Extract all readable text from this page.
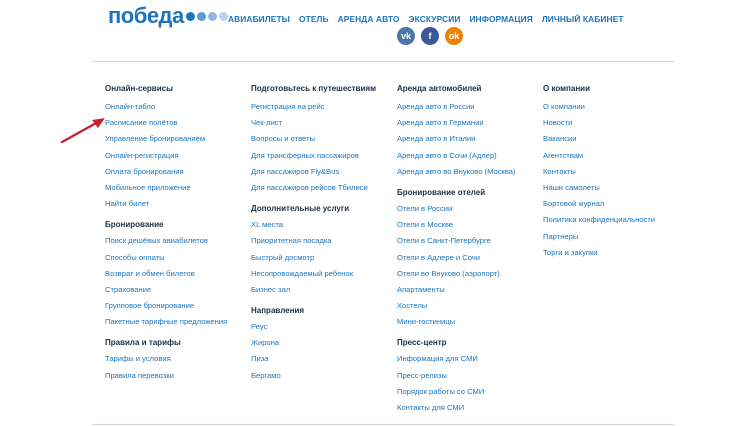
победа	АВИАБИЛЕТЫ ОТЕЛЬ АРЕНДА АВТО ЭКСКУРСИИ ИНФОРМАЦИЯ ЛИЧНЫЙ КАБИНЕТ
vk	f	ok
Онлайн-сервисы
Онлайн-табло
Расписание полётов
Управление бронированием
Онлайн-регистрация
Оплата бронирования
Мобильное приложение
Найти билет
Бронирование
Поиск дешёвых авиабилетов
Способы оплаты
Возврат и обмен билетов
Страхование
Групповое бронирование
Пакетные тарифные предложения
Правила и тарифы
Тарифы и условия
Правила перевозки
Подготовьтесь к путешествиям
Регистрация на рейс
Чек-лист
Вопросы и ответы
Для трансферных пассажиров
Для пассажиров Fly&Bus
Для пассажиров рейсов Тбилиси
Дополнительные услуги
XL места
Приоритетная посадка
Быстрый досмотр
Несопровождаемый ребенок
Бизнес зал
Направления
Реус
Жирона
Пиза
Бергамо
Аренда автомобилей
Аренда авто в России
Аренда авто в Германии
Аренда авто в Италии
Аренда авто в Сочи (Адлер)
Аренда авто во Внуково (Москва)
Бронирование отелей
Отели в России
Отели в Москве
Отели в Санкт-Петербурге
Отели в Адлере и Сочи
Отели во Внуково (аэропорт)
Апартаменты
Хостелы
Мини-гостиницы
Пресс-центр
Информация для СМИ
Пресс-релизы
Порядок работы со СМИ
Контакты для СМИ
О компании
О компании
Новости
Вакансии
Агентствам
Контакты
Наши самолеты
Бортовой журнал
Политика конфиденциальности
Партнеры
Торги и закупки
